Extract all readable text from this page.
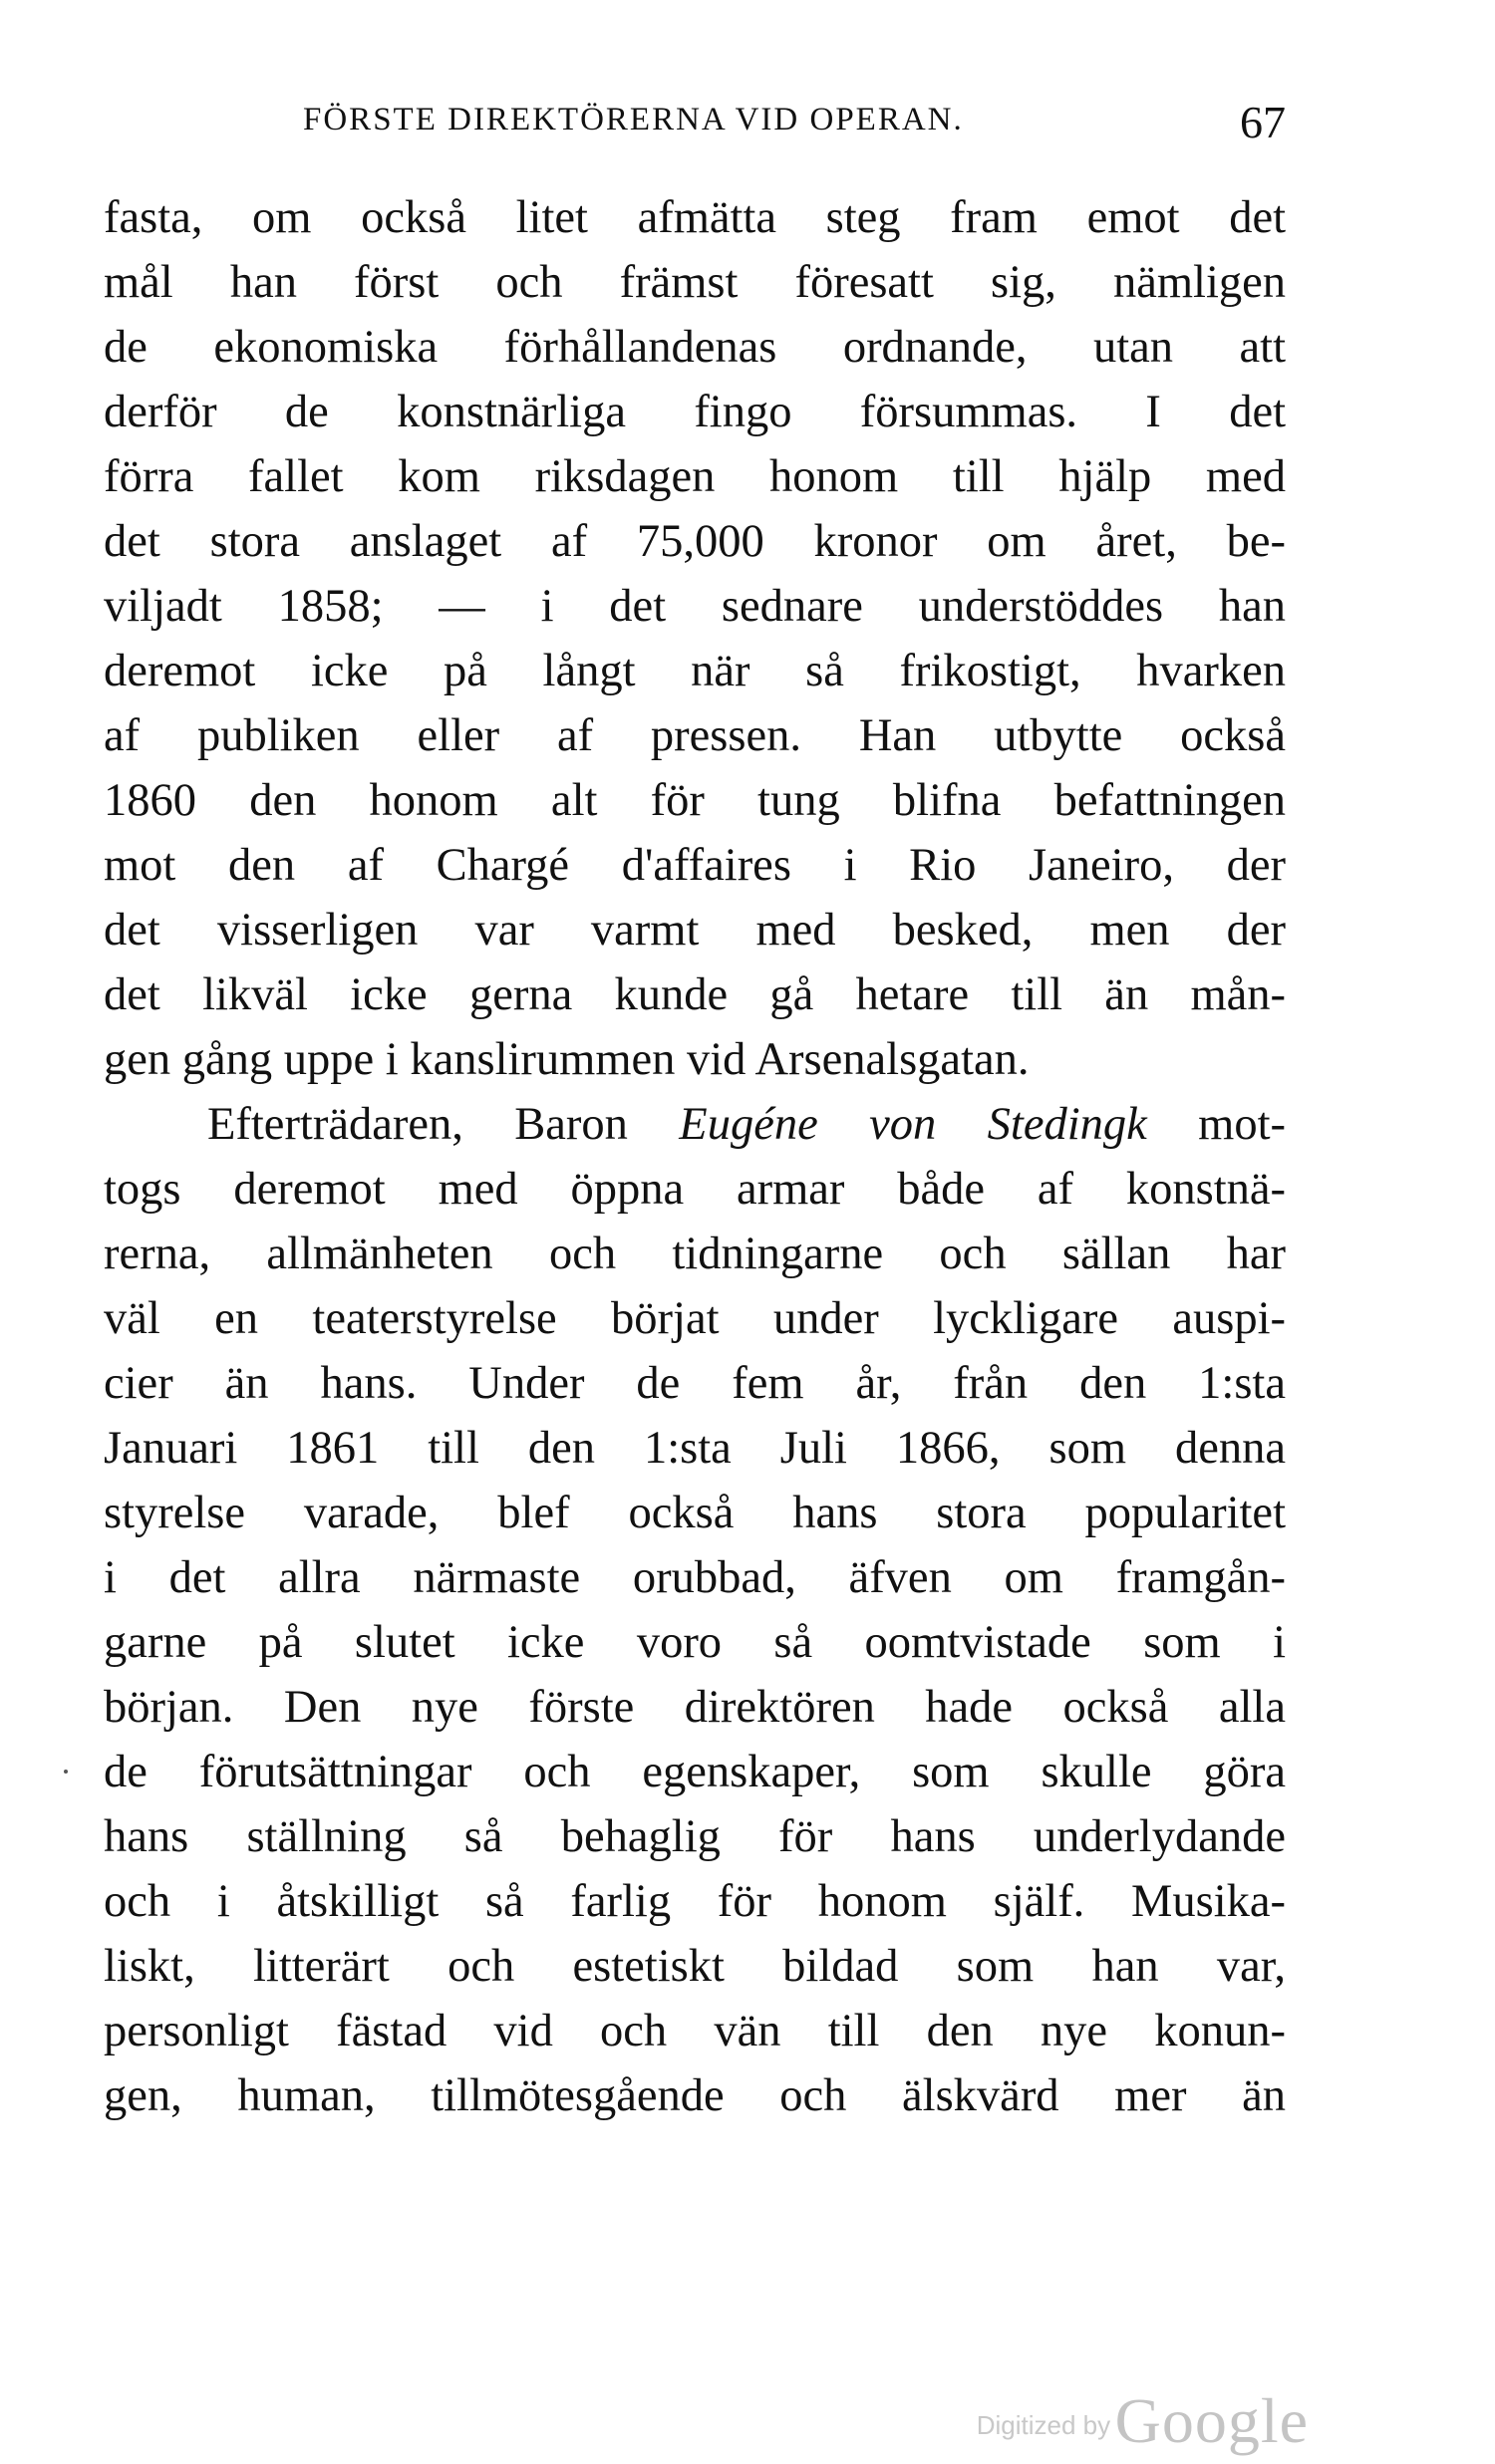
FÖRSTE DIREKTÖRERNA VID OPERAN.	67
fasta, om också litet afmätta steg fram emot det
mål han först och främst föresatt sig, nämligen
de ekonomiska förhållandenas ordnande, utan att
derför de konstnärliga fingo försummas. I det
förra fallet kom riksdagen honom till hjälp med
det stora anslaget af 75,000 kronor om året, be-
viljadt 1858; — i det sednare understöddes han
deremot icke på långt när så frikostigt, hvarken
af publiken eller af pressen. Han utbytte också
1860 den honom alt för tung blifna befattningen
mot den af Chargé d'affaires i Rio Janeiro, der
det visserligen var varmt med besked, men der
det likväl icke gerna kunde gå hetare till än mån-
gen gång uppe i kanslirummen vid Arsenalsgatan.
Efterträdaren, Baron Eugéne von Stedingk mot-
togs deremot med öppna armar både af konstnä-
rerna, allmänheten och tidningarne och sällan har
väl en teaterstyrelse börjat under lyckligare auspi-
cier än hans. Under de fem år, från den 1:sta
Januari 1861 till den 1:sta Juli 1866, som denna
styrelse varade, blef också hans stora popularitet
i det allra närmaste orubbad, äfven om framgån-
garne på slutet icke voro så oomtvistade som i
början. Den nye förste direktören hade också alla
de förutsättningar och egenskaper, som skulle göra
hans ställning så behaglig för hans underlydande
och i åtskilligt så farlig för honom själf. Musika-
liskt, litterärt och estetiskt bildad som han var,
personligt fästad vid och vän till den nye konun-
gen, human, tillmötesgående och älskvärd mer än
Digitized by Google
